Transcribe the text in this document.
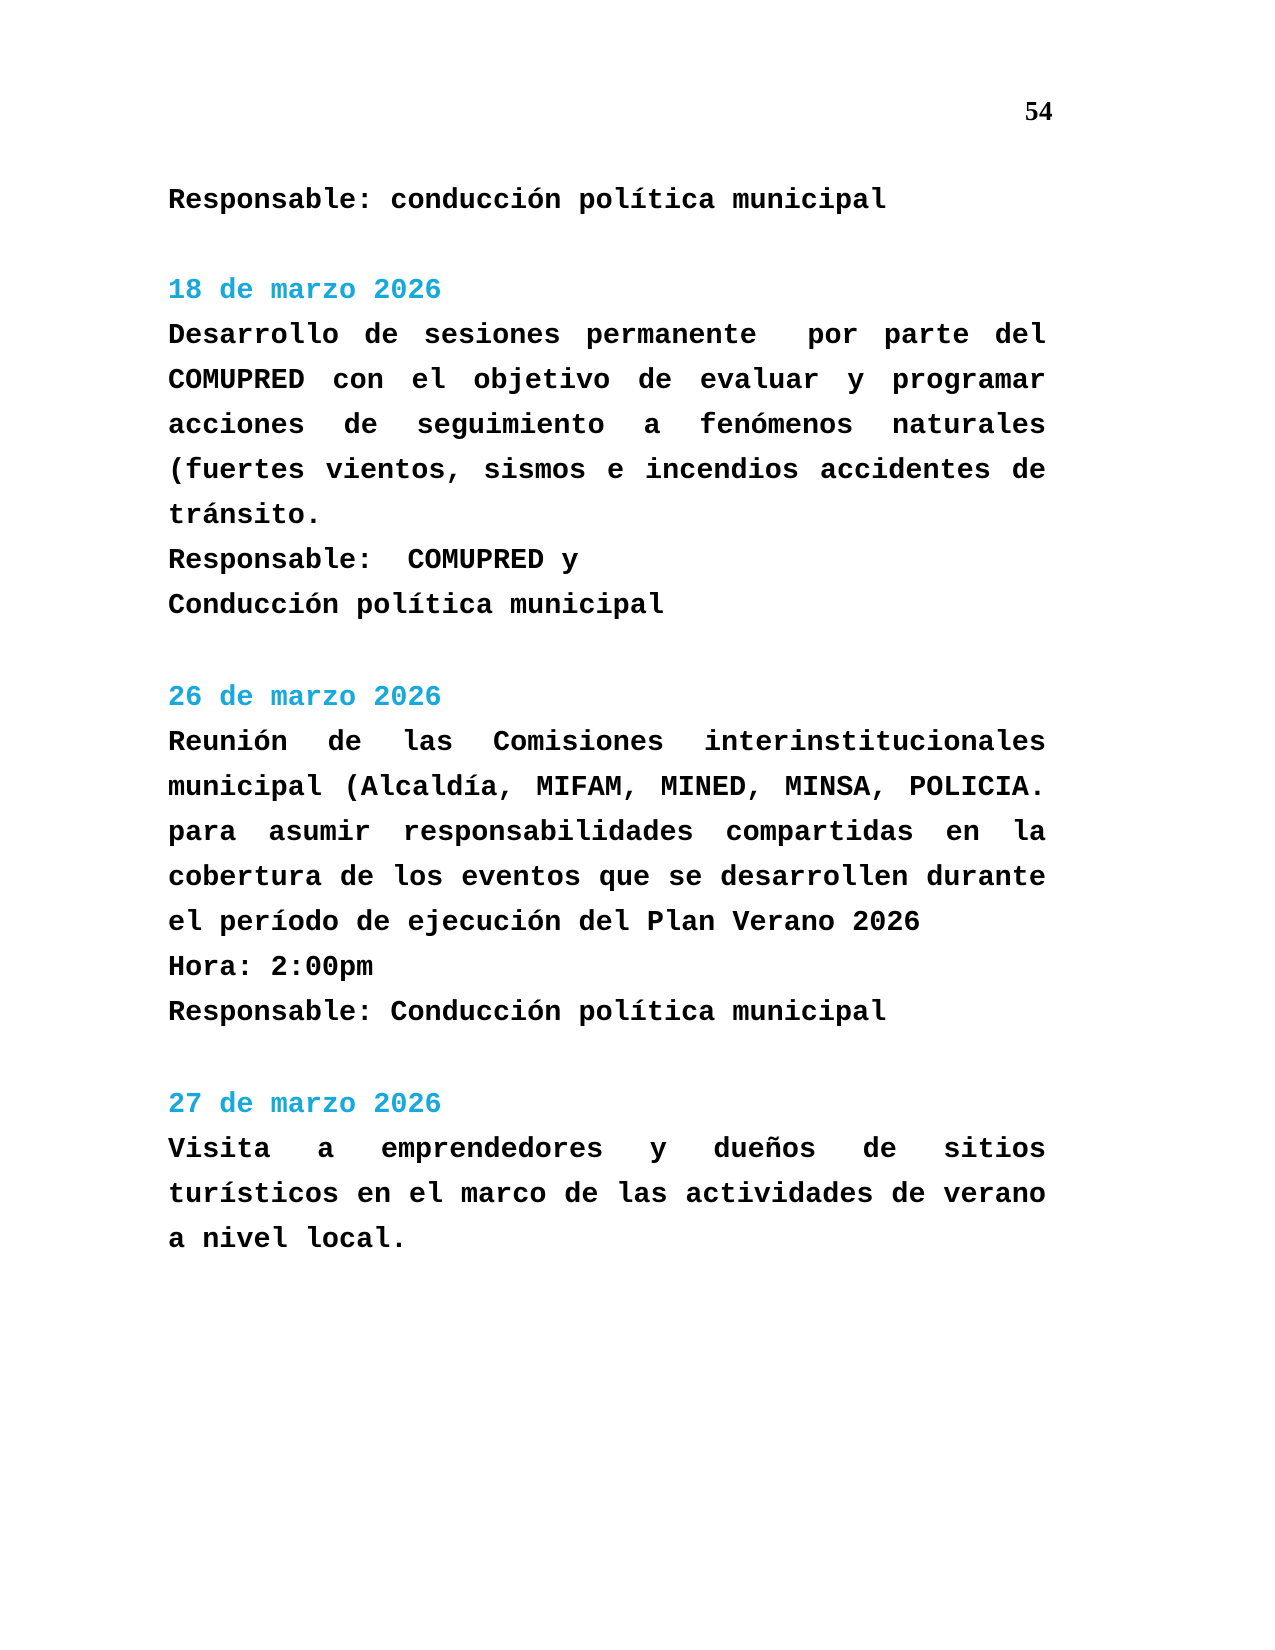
54

Responsable: conducción política municipal

18 de marzo 2026

Desarrollo de sesiones permanente  por parte del COMUPRED con el objetivo de evaluar y programar acciones de seguimiento a fenómenos naturales (fuertes vientos, sismos e incendios accidentes de tránsito.

Responsable:  COMUPRED y

Conducción política municipal

26 de marzo 2026

Reunión de las Comisiones interinstitucionales municipal (Alcaldía, MIFAM, MINED, MINSA, POLICIA. para asumir responsabilidades compartidas en la cobertura de los eventos que se desarrollen durante el período de ejecución del Plan Verano 2026

Hora: 2:00pm

Responsable: Conducción política municipal

27 de marzo 2026

Visita a emprendedores y dueños de sitios turísticos en el marco de las actividades de verano a nivel local.
